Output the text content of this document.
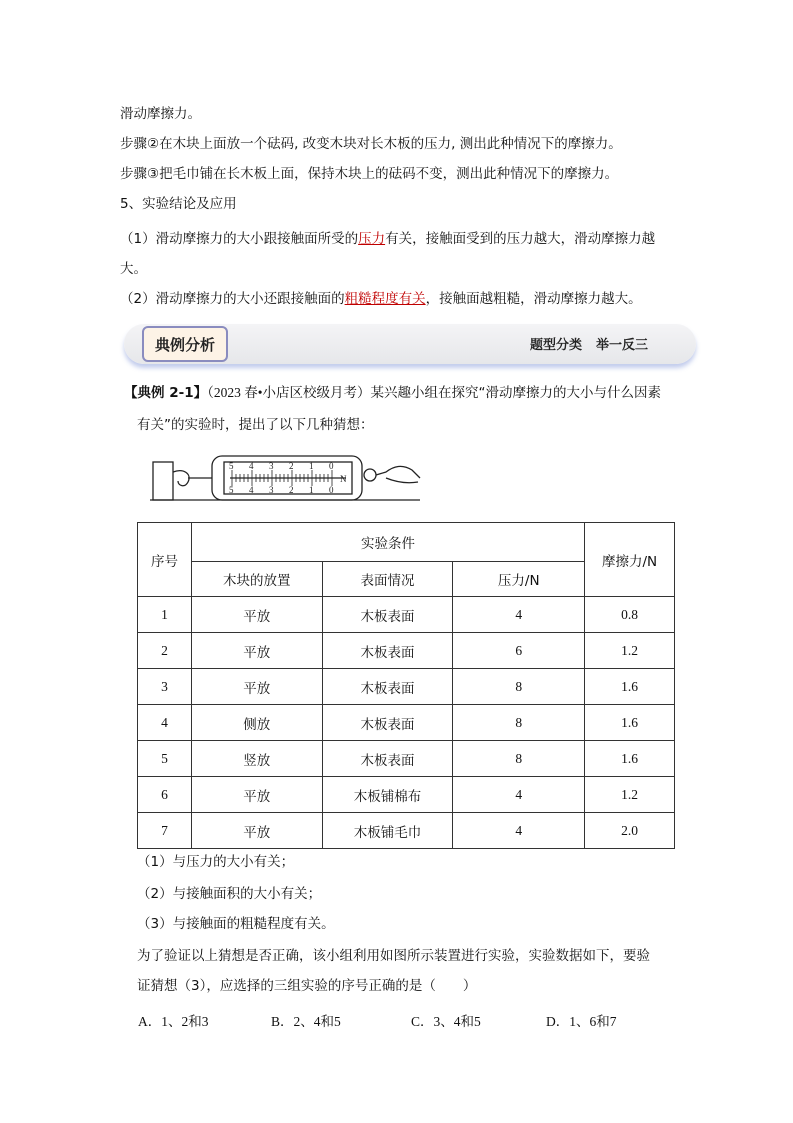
滑动摩擦力。
步骤②在木块上面放一个砝码, 改变木块对长木板的压力, 测出此种情况下的摩擦力。
步骤③把毛巾铺在长木板上面，保持木块上的砝码不变，测出此种情况下的摩擦力。
5、实验结论及应用
（1）滑动摩擦力的大小跟接触面所受的压力有关，接触面受到的压力越大，滑动摩擦力越
大。
（2）滑动摩擦力的大小还跟接触面的粗糙程度有关，接触面越粗糙，滑动摩擦力越大。
典例分析	题型分类 举一反三
【典例 2-1】（2023 春•小店区校级月考）某兴趣小组在探究“滑动摩擦力的大小与什么因素
有关”的实验时，提出了以下几种猜想：
5 4 3 2 1 0
N
5 4 3 2 1 0
序号	实验条件			摩擦力/N
	木块的放置	表面情况	压力/N	
1	平放	木板表面	4	0.8
2	平放	木板表面	6	1.2
3	平放	木板表面	8	1.6
4	侧放	木板表面	8	1.6
5	竖放	木板表面	8	1.6
6	平放	木板铺棉布	4	1.2
7	平放	木板铺毛巾	4	2.0
（1）与压力的大小有关；
（2）与接触面积的大小有关；
（3）与接触面的粗糙程度有关。
为了验证以上猜想是否正确，该小组利用如图所示装置进行实验，实验数据如下，要验
证猜想（3），应选择的三组实验的序号正确的是（　　）
A．1、2和3	B．2、4和5	C．3、4和5	D．1、6和7
